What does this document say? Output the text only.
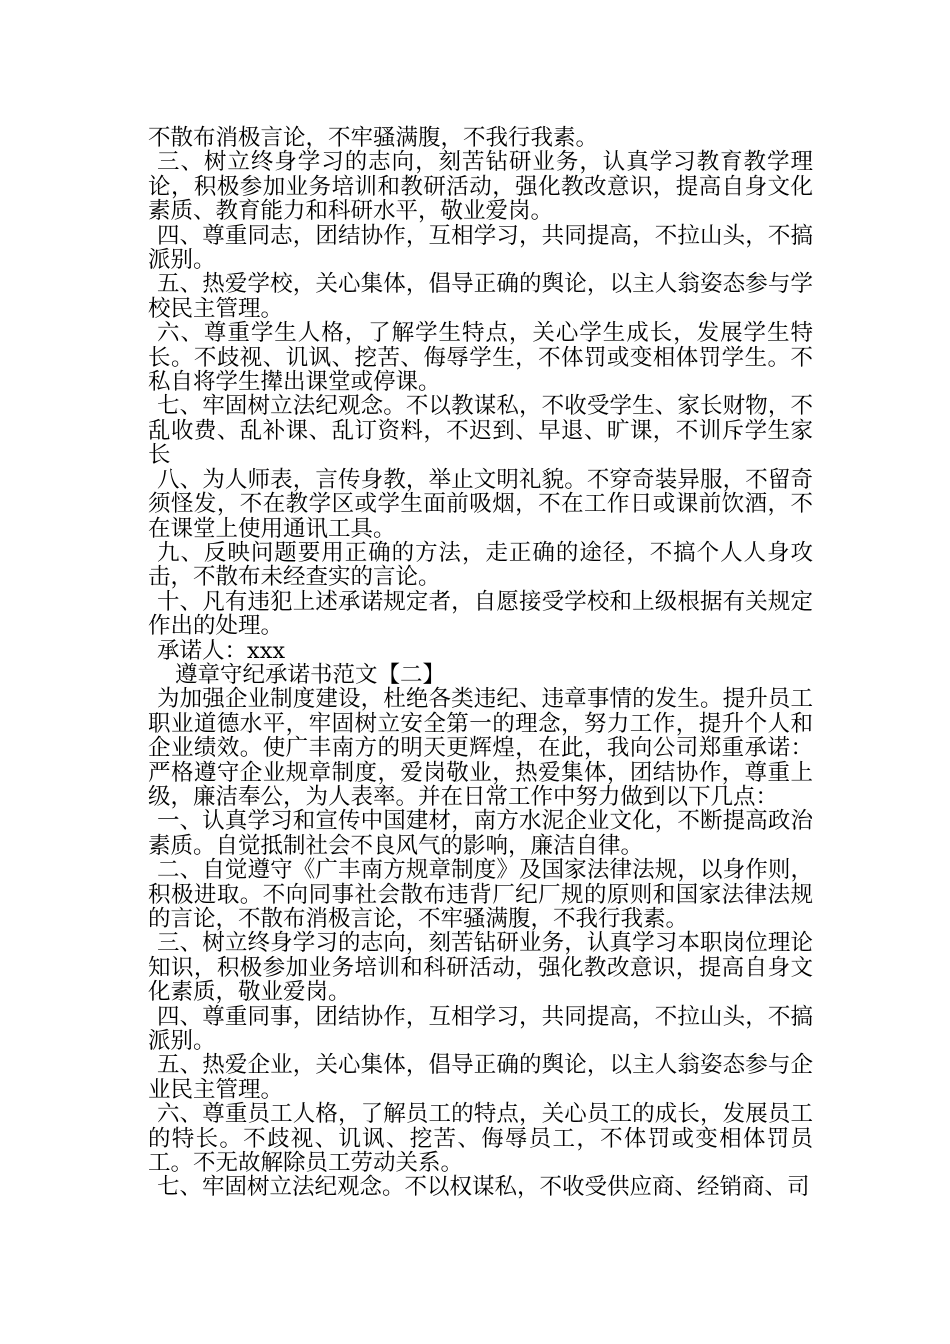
不散布消极言论，不牢骚满腹，不我行我素。

三、树立终身学习的志向，刻苦钻研业务，认真学习教育教学理论，积极参加业务培训和教研活动，强化教改意识，提高自身文化素质、教育能力和科研水平，敬业爱岗。

四、尊重同志，团结协作，互相学习，共同提高，不拉山头，不搞派别。

五、热爱学校，关心集体，倡导正确的舆论，以主人翁姿态参与学校民主管理。

六、尊重学生人格，了解学生特点，关心学生成长，发展学生特长。不歧视、讥讽、挖苦、侮辱学生，不体罚或变相体罚学生。不私自将学生撵出课堂或停课。

七、牢固树立法纪观念。不以教谋私，不收受学生、家长财物，不乱收费、乱补课、乱订资料，不迟到、早退、旷课，不训斥学生家长

八、为人师表，言传身教，举止文明礼貌。不穿奇装异服，不留奇须怪发，不在教学区或学生面前吸烟，不在工作日或课前饮酒，不在课堂上使用通讯工具。

九、反映问题要用正确的方法，走正确的途径，不搞个人人身攻击，不散布未经查实的言论。

十、凡有违犯上述承诺规定者，自愿接受学校和上级根据有关规定作出的处理。

承诺人：xxx

遵章守纪承诺书范文【二】

为加强企业制度建设，杜绝各类违纪、违章事情的发生。提升员工职业道德水平，牢固树立安全第一的理念，努力工作，提升个人和企业绩效。使广丰南方的明天更辉煌，在此，我向公司郑重承诺：严格遵守企业规章制度，爱岗敬业，热爱集体，团结协作，尊重上级，廉洁奉公，为人表率。并在日常工作中努力做到以下几点：

一、认真学习和宣传中国建材，南方水泥企业文化，不断提高政治素质。自觉抵制社会不良风气的影响，廉洁自律。

二、自觉遵守《广丰南方规章制度》及国家法律法规，以身作则，积极进取。不向同事社会散布违背厂纪厂规的原则和国家法律法规的言论，不散布消极言论，不牢骚满腹，不我行我素。

三、树立终身学习的志向，刻苦钻研业务，认真学习本职岗位理论知识，积极参加业务培训和科研活动，强化教改意识，提高自身文化素质，敬业爱岗。

四、尊重同事，团结协作，互相学习，共同提高，不拉山头，不搞派别。

五、热爱企业，关心集体，倡导正确的舆论，以主人翁姿态参与企业民主管理。

六、尊重员工人格，了解员工的特点，关心员工的成长，发展员工的特长。不歧视、讥讽、挖苦、侮辱员工，不体罚或变相体罚员工。不无故解除员工劳动关系。

七、牢固树立法纪观念。不以权谋私，不收受供应商、经销商、司
